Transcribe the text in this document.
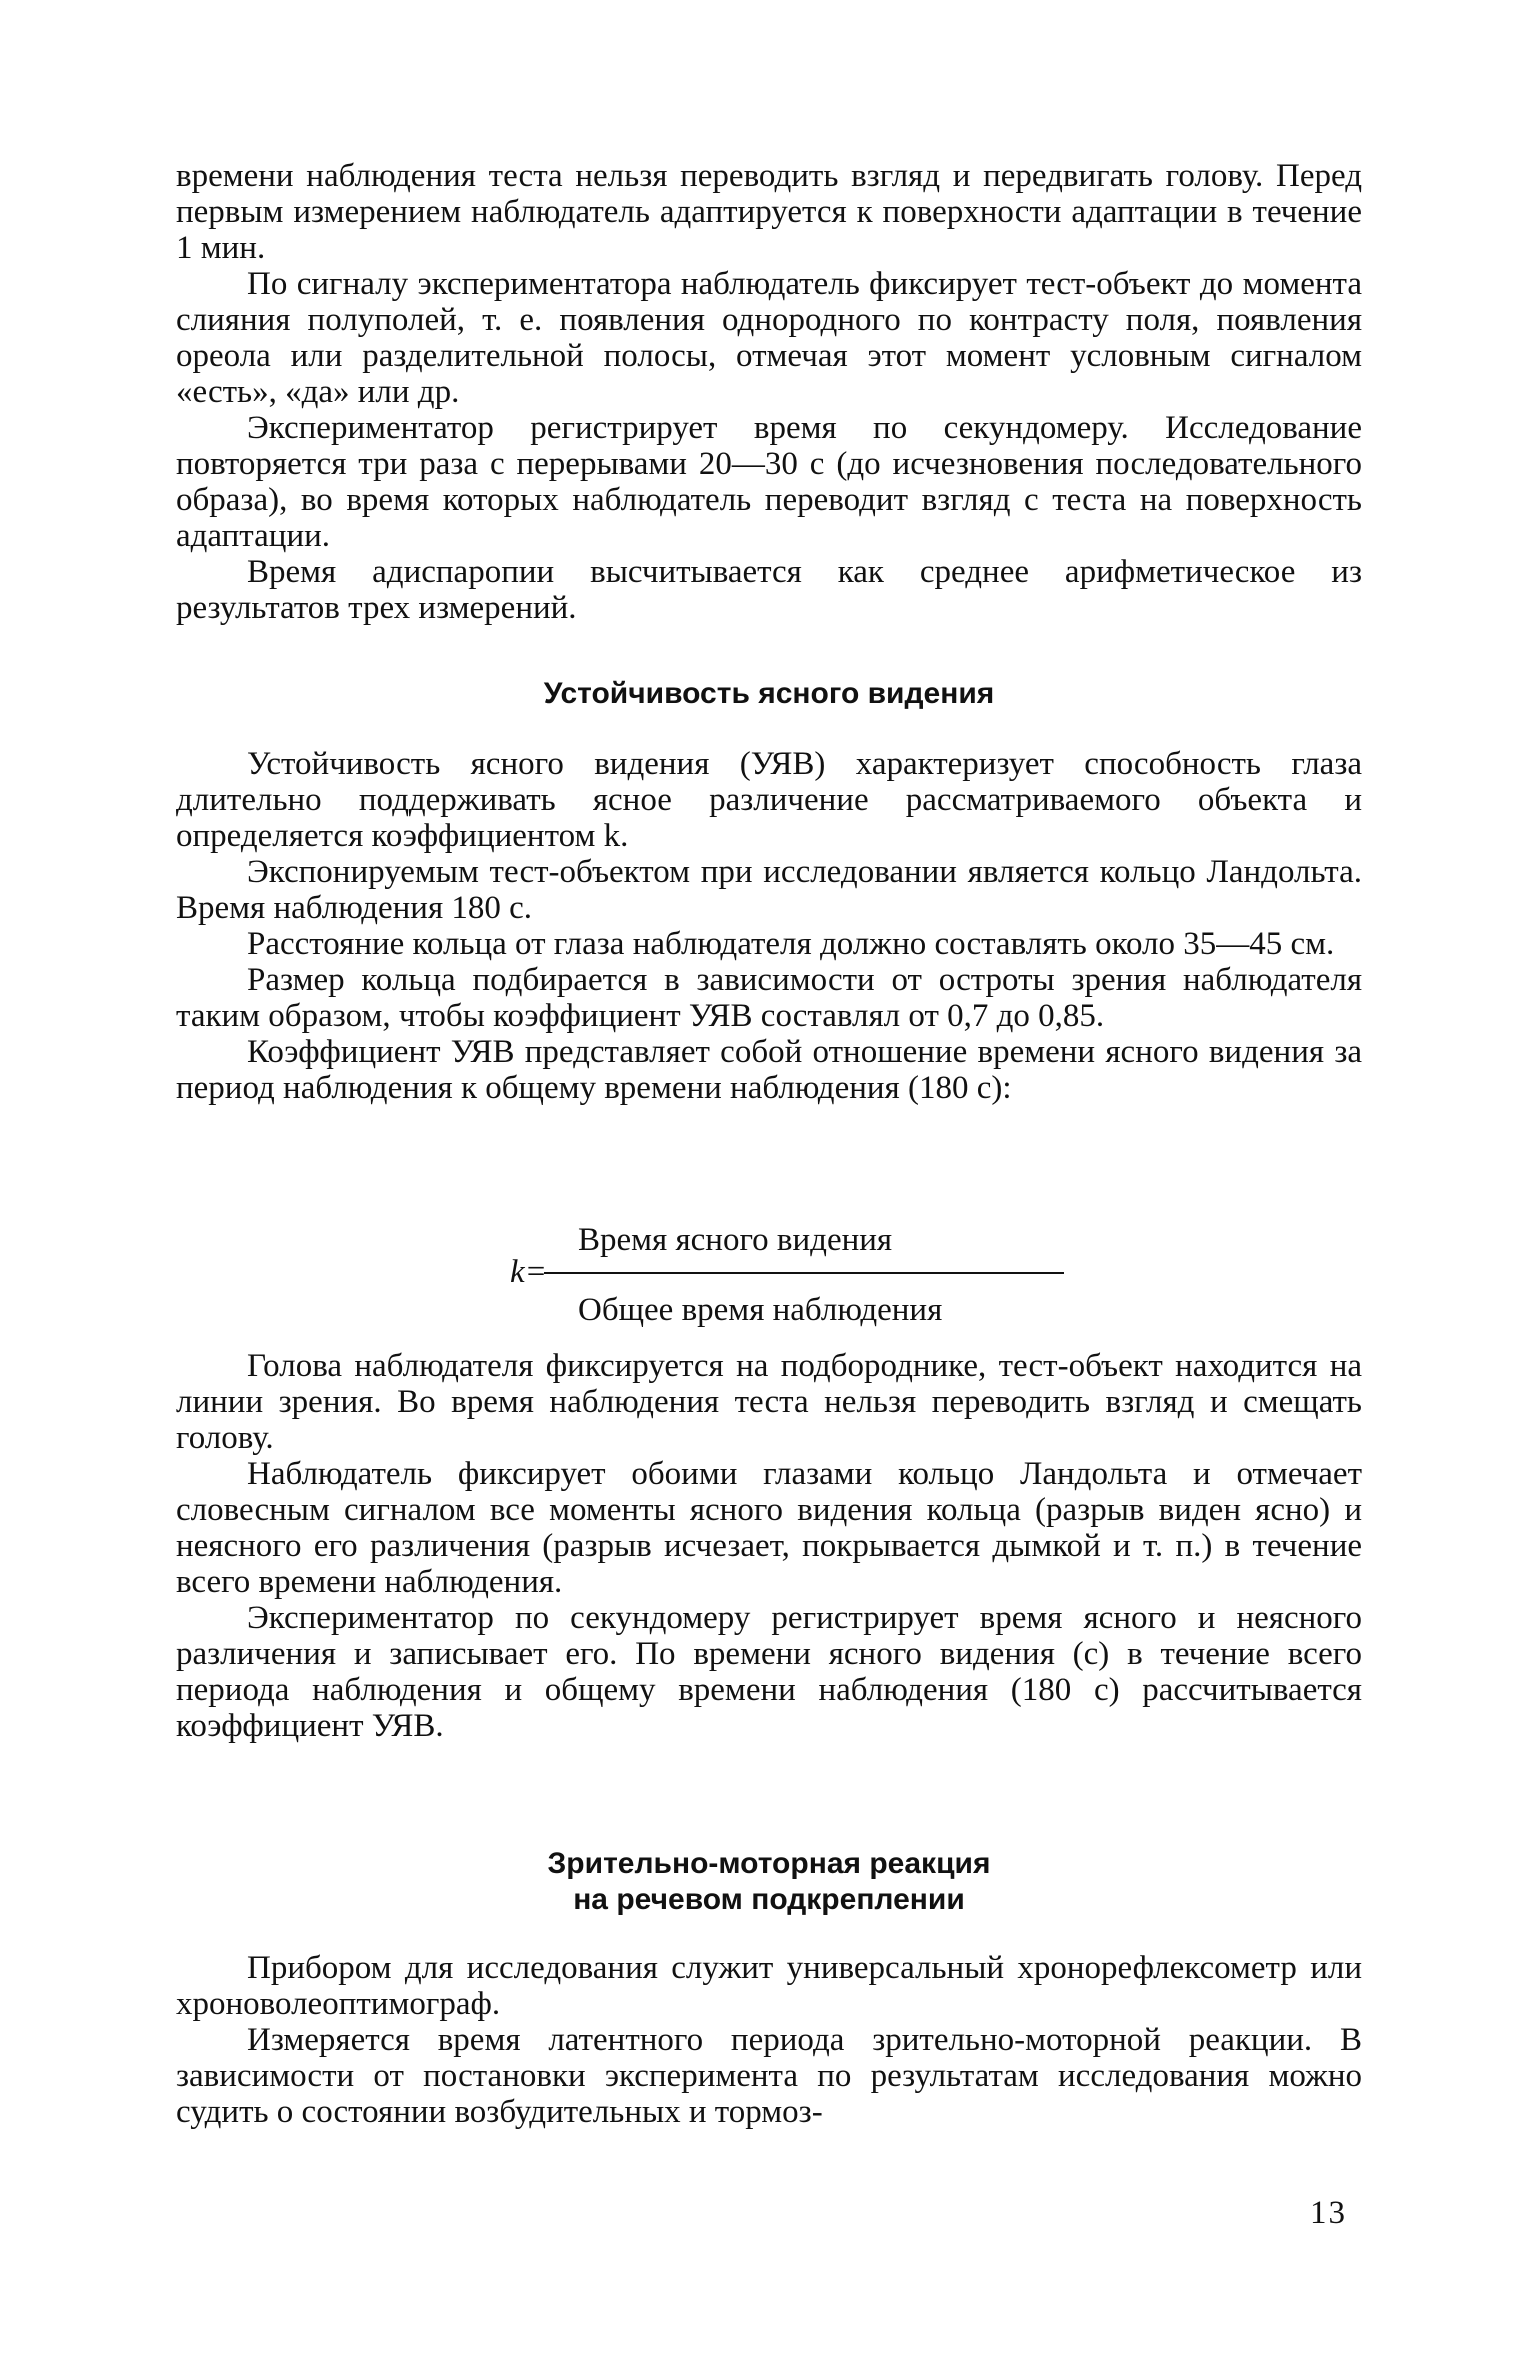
времени наблюдения теста нельзя переводить взгляд и передвигать голову. Перед первым измерением наблюдатель адаптируется к поверхности адаптации в течение 1 мин.

По сигналу экспериментатора наблюдатель фиксирует тест-объект до момента слияния полуполей, т. е. появления однородного по контрасту поля, появления ореола или разделительной полосы, отмечая этот момент условным сигналом «есть», «да» или др.

Экспериментатор регистрирует время по секундомеру. Исследование повторяется три раза с перерывами 20—30 с (до исчезновения последовательного образа), во время которых наблюдатель переводит взгляд с теста на поверхность адаптации.

Время адиспаропии высчитывается как среднее арифметическое из результатов трех измерений.

Устойчивость ясного видения

Устойчивость ясного видения (УЯВ) характеризует способность глаза длительно поддерживать ясное различение рассматриваемого объекта и определяется коэффициентом k.

Экспонируемым тест-объектом при исследовании является кольцо Ландольта. Время наблюдения 180 с.

Расстояние кольца от глаза наблюдателя должно составлять около 35—45 см.

Размер кольца подбирается в зависимости от остроты зрения наблюдателя таким образом, чтобы коэффициент УЯВ составлял от 0,7 до 0,85.

Коэффициент УЯВ представляет собой отношение времени ясного видения за период наблюдения к общему времени наблюдения (180 с):

Время ясного видения
k=
Общее время наблюдения

Голова наблюдателя фиксируется на подбороднике, тест-объект находится на линии зрения. Во время наблюдения теста нельзя переводить взгляд и смещать голову.

Наблюдатель фиксирует обоими глазами кольцо Ландольта и отмечает словесным сигналом все моменты ясного видения кольца (разрыв виден ясно) и неясного его различения (разрыв исчезает, покрывается дымкой и т. п.) в течение всего времени наблюдения.

Экспериментатор по секундомеру регистрирует время ясного и неясного различения и записывает его. По времени ясного видения (с) в течение всего периода наблюдения и общему времени наблюдения (180 с) рассчитывается коэффициент УЯВ.

Зрительно-моторная реакция
на речевом подкреплении

Прибором для исследования служит универсальный хронорефлексометр или хроноволеоптимограф.

Измеряется время латентного периода зрительно-моторной реакции. В зависимости от постановки эксперимента по результатам исследования можно судить о состоянии возбудительных и тормоз-

13
